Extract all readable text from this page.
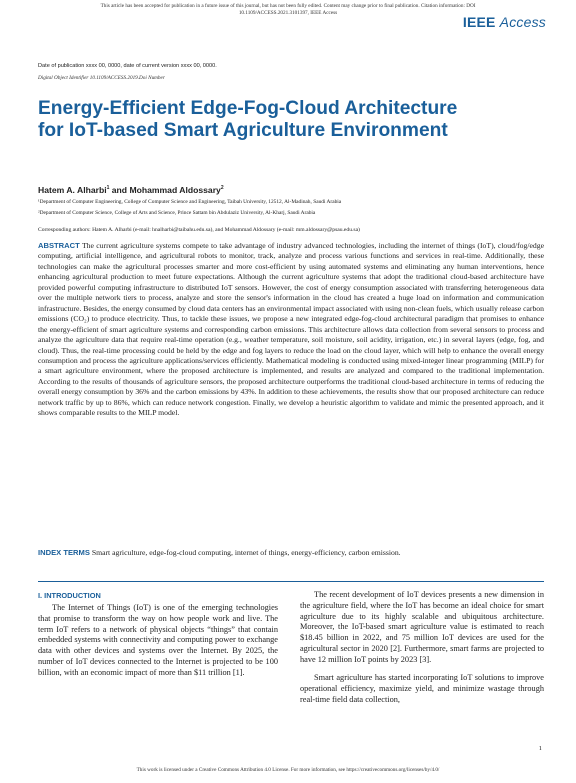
This article has been accepted for publication in a future issue of this journal, but has not been fully edited. Content may change prior to final publication. Citation information: DOI
10.1109/ACCESS.2021.3101397, IEEE Access
IEEE Access
Date of publication xxxx 00, 0000, date of current version xxxx 00, 0000.
Digital Object Identifier 10.1109/ACCESS.2019.Doi Number
Energy-Efficient Edge-Fog-Cloud Architecture for IoT-based Smart Agriculture Environment
Hatem A. Alharbi$^1$ and Mohammad Aldossary$^2$
¹Department of Computer Engineering, College of Computer Science and Engineering, Taibah University, 12512, Al-Madinah, Saudi Arabia
²Department of Computer Science, College of Arts and Science, Prince Sattam bin Abdulaziz University, Al-Kharj, Saudi Arabia
Corresponding authors: Hatem A. Alharbi (e-mail: hnalharbi@taibahu.edu.sa), and Mohammad Aldossary (e-mail: mm.aldossary@psau.edu.sa)
ABSTRACT The current agriculture systems compete to take advantage of industry advanced technologies, including the internet of things (IoT), cloud/fog/edge computing, artificial intelligence, and agricultural robots to monitor, track, analyze and process various functions and services in real-time. Additionally, these technologies can make the agricultural processes smarter and more cost-efficient by using automated systems and eliminating any human interventions, hence enhancing agricultural production to meet future expectations. Although the current agriculture systems that adopt the traditional cloud-based architecture have provided powerful computing infrastructure to distributed IoT sensors. However, the cost of energy consumption associated with transferring heterogeneous data over the multiple network tiers to process, analyze and store the sensor's information in the cloud has created a huge load on information and communication infrastructure. Besides, the energy consumed by cloud data centers has an environmental impact associated with using non-clean fuels, which usually release carbon emissions (CO₂) to produce electricity. Thus, to tackle these issues, we propose a new integrated edge-fog-cloud architectural paradigm that promises to enhance the energy-efficient of smart agriculture systems and corresponding carbon emissions. This architecture allows data collection from several sensors to process and analyze the agriculture data that require real-time operation (e.g., weather temperature, soil moisture, soil acidity, irrigation, etc.) in several layers (edge, fog, and cloud). Thus, the real-time processing could be held by the edge and fog layers to reduce the load on the cloud layer, which will help to enhance the overall energy consumption and process the agriculture applications/services efficiently. Mathematical modeling is conducted using mixed-integer linear programming (MILP) for a smart agriculture environment, where the proposed architecture is implemented, and results are analyzed and compared to the traditional implementation. According to the results of thousands of agriculture sensors, the proposed architecture outperforms the traditional cloud-based architecture in terms of reducing the overall energy consumption by 36% and the carbon emissions by 43%. In addition to these achievements, the results show that our proposed architecture can reduce network traffic by up to 86%, which can reduce network congestion. Finally, we develop a heuristic algorithm to validate and mimic the presented approach, and it shows comparable results to the MILP model.
INDEX TERMS Smart agriculture, edge-fog-cloud computing, internet of things, energy-efficiency, carbon emission.
I. INTRODUCTION

The Internet of Things (IoT) is one of the emerging technologies that promise to transform the way on how people work and live. The term IoT refers to a network of physical objects “things” that contain embedded systems with connectivity and computing power to exchange data with other devices and systems over the Internet. By 2025, the number of IoT devices connected to the Internet is projected to be 100 billion, with an economic impact of more than $11 trillion [1].

The recent development of IoT devices presents a new dimension in the agriculture field, where the IoT has become an ideal choice for smart agriculture due to its highly scalable and ubiquitous architecture. Moreover, the IoT-based smart agriculture value is estimated to reach $18.45 billion in 2022, and 75 million IoT devices are used for the agricultural sector in 2020 [2]. Furthermore, smart farms are projected to have 12 million IoT points by 2023 [3].

Smart agriculture has started incorporating IoT solutions to improve operational efficiency, maximize yield, and minimize wastage through real-time field data collection,

1
This work is licensed under a Creative Commons Attribution 4.0 License. For more information, see https://creativecommons.org/licenses/by/4.0/
